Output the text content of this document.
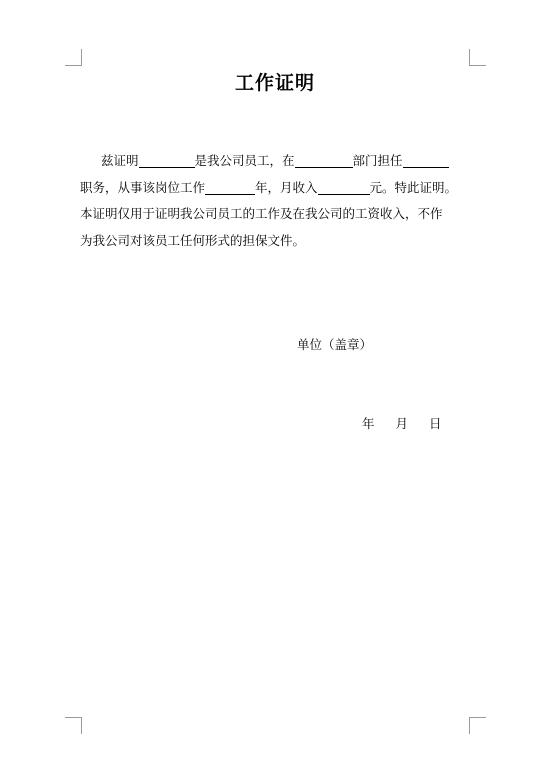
工作证明
兹证明	是我公司员工，在	部门担任
职务，从事该岗位工作	年，月收入	元。特此证明。
本证明仅用于证明我公司员工的工作及在我公司的工资收入，不作
为我公司对该员工任何形式的担保文件。
单位（盖章）
年 月 日
